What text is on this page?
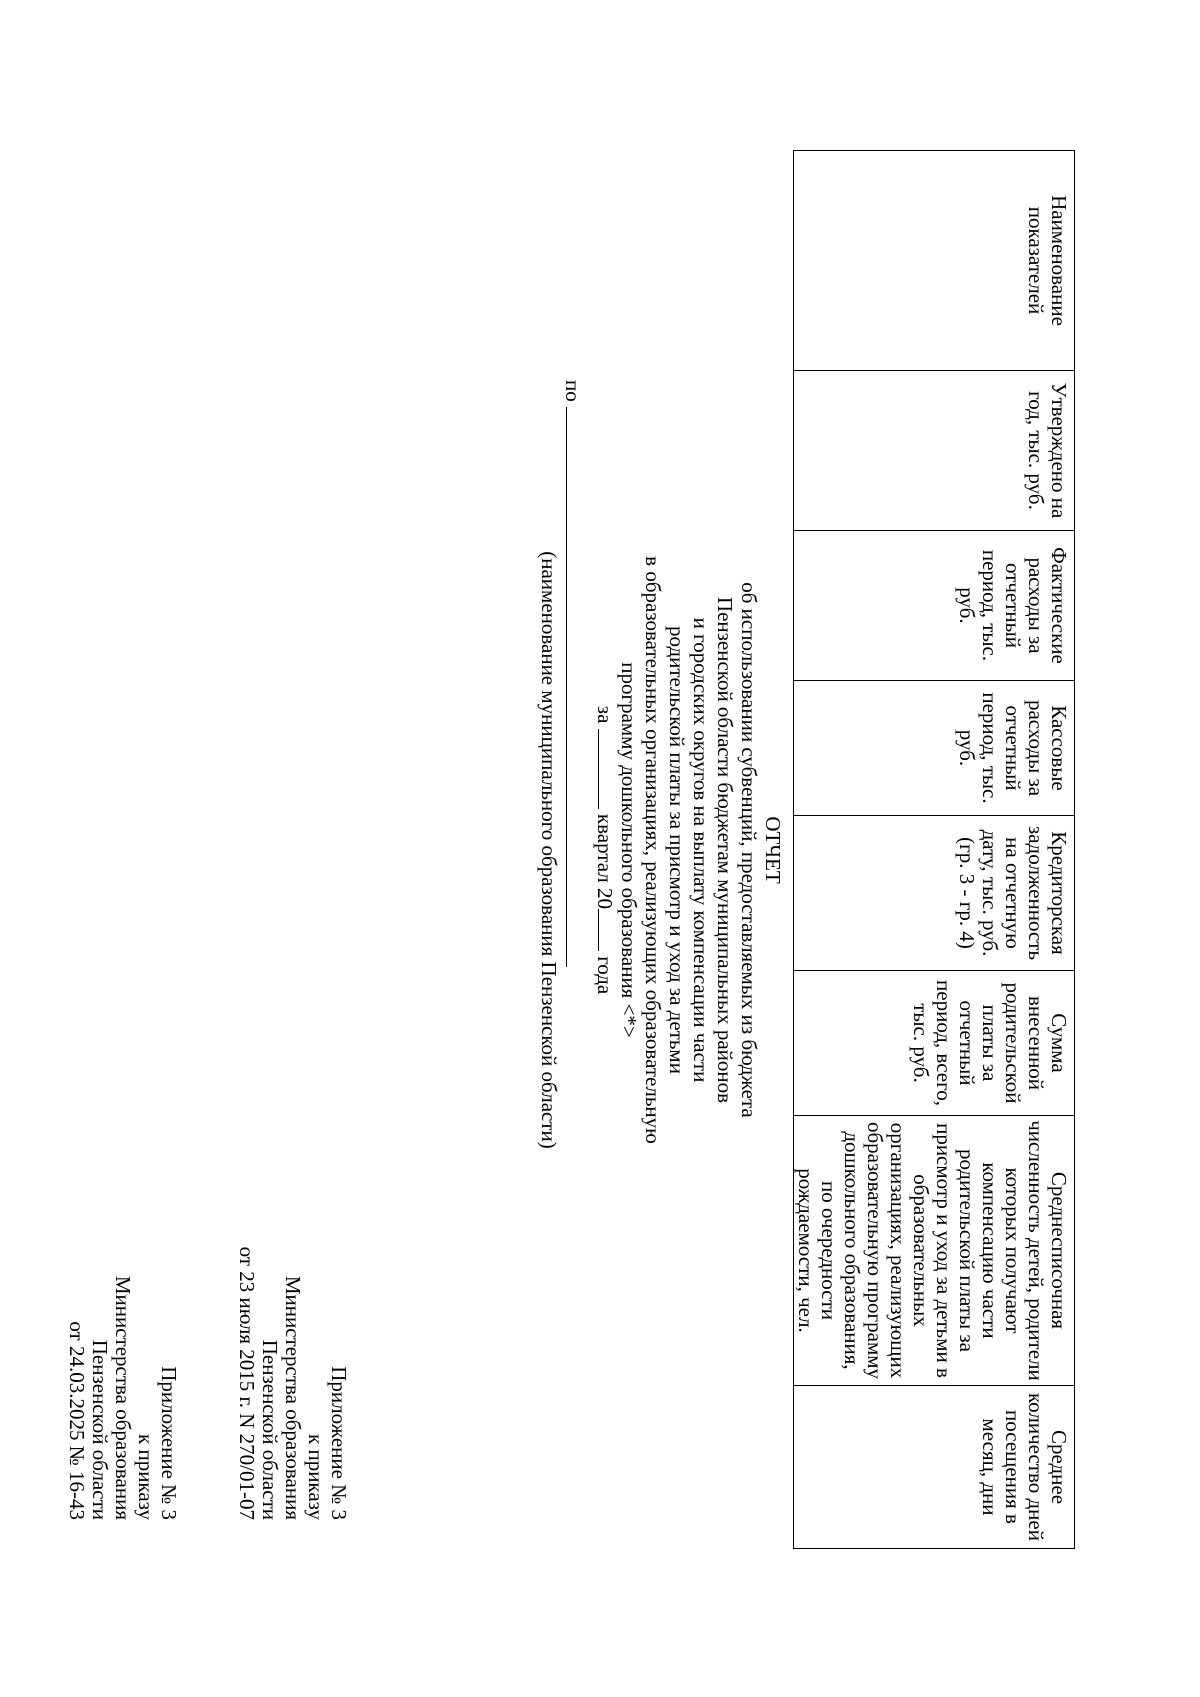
Приложение № 3
к приказу
Министерства образования
Пензенской области
от 24.03.2025 № 16-43	Приложение № 3
к приказу
Министерства образования
Пензенской области
от 23 июля 2015 г. N 270/01-07
ОТЧЕТ
об использовании субвенций, предоставляемых из бюджета
Пензенской области бюджетам муниципальных районов
и городских округов на выплату компенсации части
родительской платы за присмотр и уход за детьми
в образовательных организациях, реализующих образовательную
программу дошкольного образования <*>
за  квартал 20 года
по
(наименование муниципального образования Пензенской области)
Наименование показателей	Утверждено на год, тыс. руб.	Фактические расходы за отчетный период, тыс. руб.	Кассовые расходы за отчетный период, тыс. руб.	Кредиторская задолженность на отчетную дату, тыс. руб. (гр. 3 - гр. 4)	Сумма внесенной родительской платы за отчетный период, всего, тыс. руб.	Среднесписочная численность детей, родители которых получают компенсацию части родительской платы за присмотр и уход за детьми в образовательных организациях, реализующих образовательную программу дошкольного образования, по очередности рождаемости, чел.	Среднее количество дней посещения в месяц, дни
